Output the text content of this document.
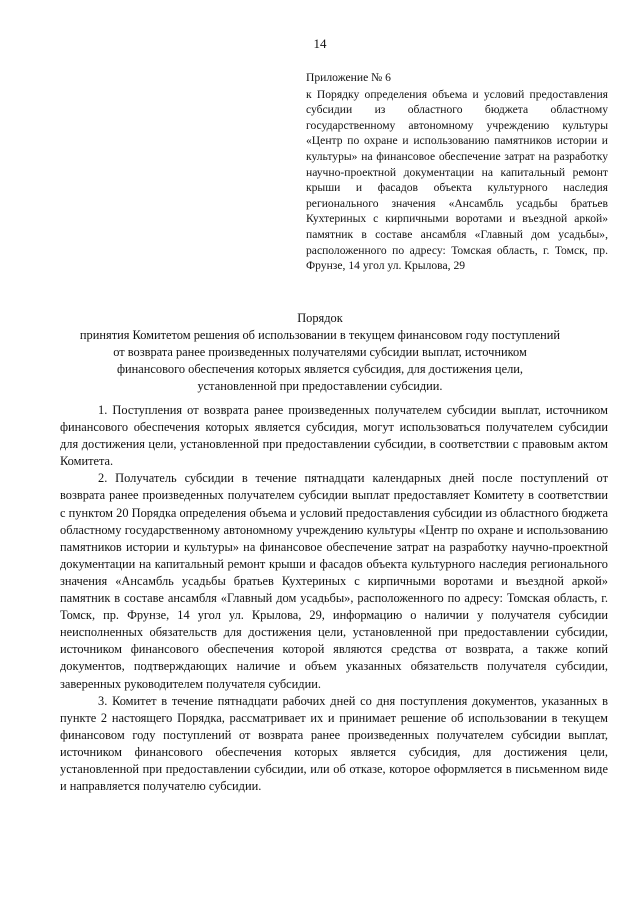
14
Приложение № 6
к Порядку определения объема и условий предоставления субсидии из областного бюджета областному государственному автономному учреждению культуры «Центр по охране и использованию памятников истории и культуры» на финансовое обеспечение затрат на разработку научно-проектной документации на капитальный ремонт крыши и фасадов объекта культурного наследия регионального значения «Ансамбль усадьбы братьев Кухтериных с кирпичными воротами и въездной аркой» памятник в составе ансамбля «Главный дом усадьбы», расположенного по адресу: Томская область, г. Томск, пр. Фрунзе, 14 угол ул. Крылова, 29
Порядок
принятия Комитетом решения об использовании в текущем финансовом году поступлений
от возврата ранее произведенных получателями субсидии выплат, источником
финансового обеспечения которых является субсидия, для достижения цели,
установленной при предоставлении субсидии.

1. Поступления от возврата ранее произведенных получателем субсидии выплат, источником финансового обеспечения которых является субсидия, могут использоваться получателем субсидии для достижения цели, установленной при предоставлении субсидии, в соответствии с правовым актом Комитета.

2. Получатель субсидии в течение пятнадцати календарных дней после поступлений от возврата ранее произведенных получателем субсидии выплат предоставляет Комитету в соответствии с пунктом 20 Порядка определения объема и условий предоставления субсидии из областного бюджета областному государственному автономному учреждению культуры «Центр по охране и использованию памятников истории и культуры» на финансовое обеспечение затрат на разработку научно-проектной документации на капитальный ремонт крыши и фасадов объекта культурного наследия регионального значения «Ансамбль усадьбы братьев Кухтериных с кирпичными воротами и въездной аркой» памятник в составе ансамбля «Главный дом усадьбы», расположенного по адресу: Томская область, г. Томск, пр. Фрунзе, 14 угол ул. Крылова, 29, информацию о наличии у получателя субсидии неисполненных обязательств для достижения цели, установленной при предоставлении субсидии, источником финансового обеспечения которой являются средства от возврата, а также копий документов, подтверждающих наличие и объем указанных обязательств получателя субсидии, заверенных руководителем получателя субсидии.

3. Комитет в течение пятнадцати рабочих дней со дня поступления документов, указанных в пункте 2 настоящего Порядка, рассматривает их и принимает решение об использовании в текущем финансовом году поступлений от возврата ранее произведенных получателем субсидии выплат, источником финансового обеспечения которых является субсидия, для достижения цели, установленной при предоставлении субсидии, или об отказе, которое оформляется в письменном виде и направляется получателю субсидии.
